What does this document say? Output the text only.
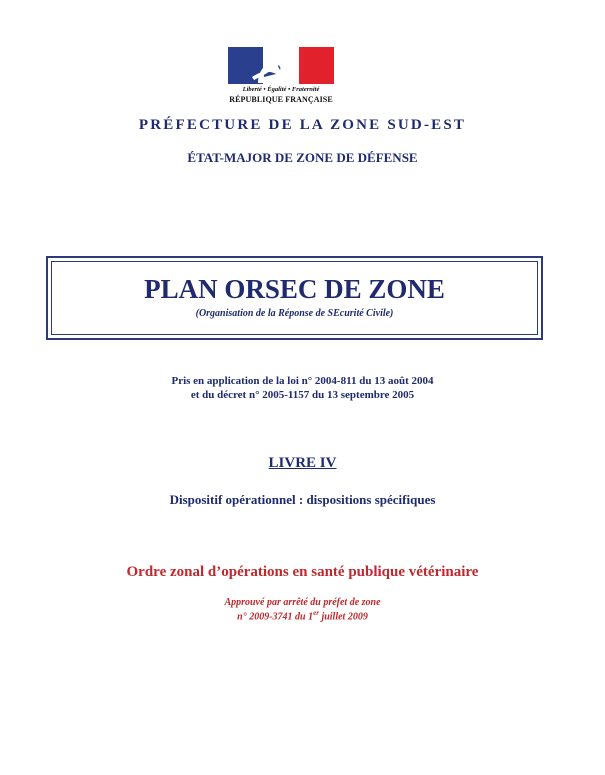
Liberté • Égalité • Fraternité
RÉPUBLIQUE FRANÇAISE
PRÉFECTURE DE LA ZONE SUD-EST
ÉTAT-MAJOR DE ZONE DE DÉFENSE
PLAN ORSEC DE ZONE
(Organisation de la Réponse de SEcurité Civile)
Pris en application de la loi n° 2004-811 du 13 août 2004
et du décret n° 2005-1157 du 13 septembre 2005
LIVRE IV
Dispositif opérationnel : dispositions spécifiques
Ordre zonal d’opérations en santé publique vétérinaire
Approuvé par arrêté du préfet de zone
n° 2009-3741 du 1er juillet 2009
